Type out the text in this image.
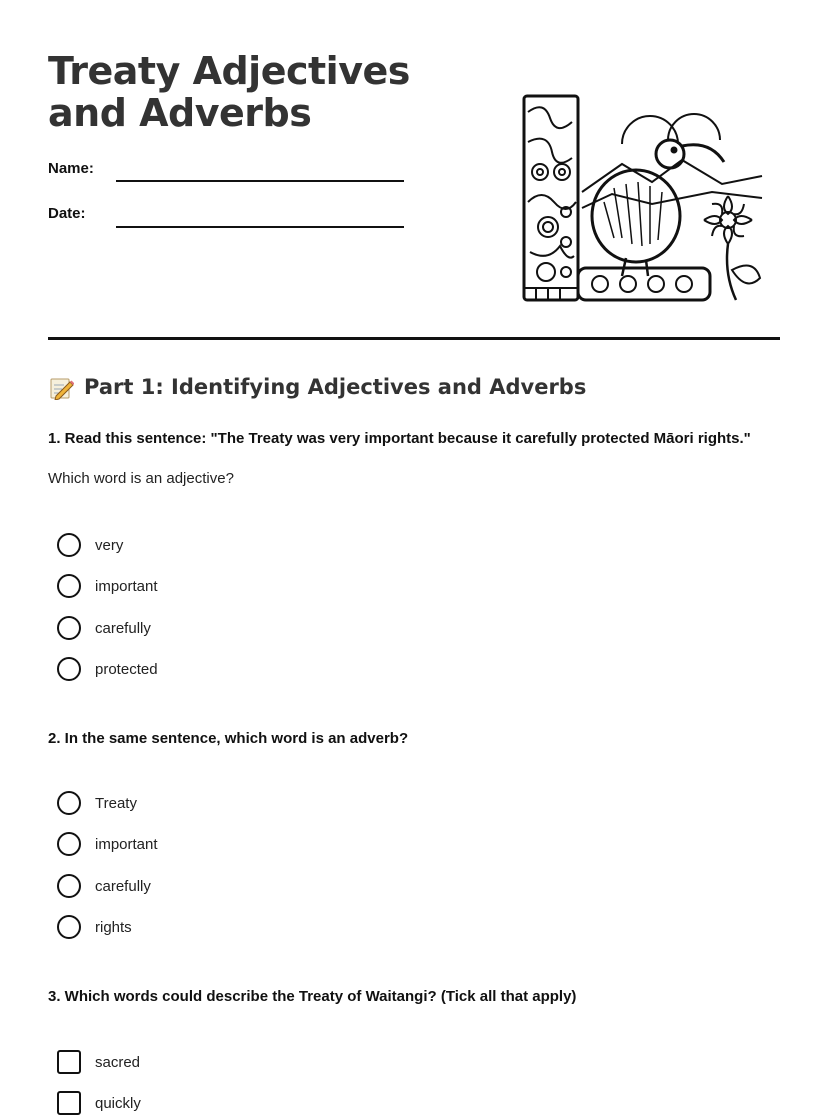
Treaty Adjectives and Adverbs
Name:
Date:
Part 1: Identifying Adjectives and Adverbs
1. Read this sentence: "The Treaty was very important because it carefully protected Māori rights."
Which word is an adjective?
very
important
carefully
protected
2. In the same sentence, which word is an adverb?
Treaty
important
carefully
rights
3. Which words could describe the Treaty of Waitangi? (Tick all that apply)
sacred
quickly
